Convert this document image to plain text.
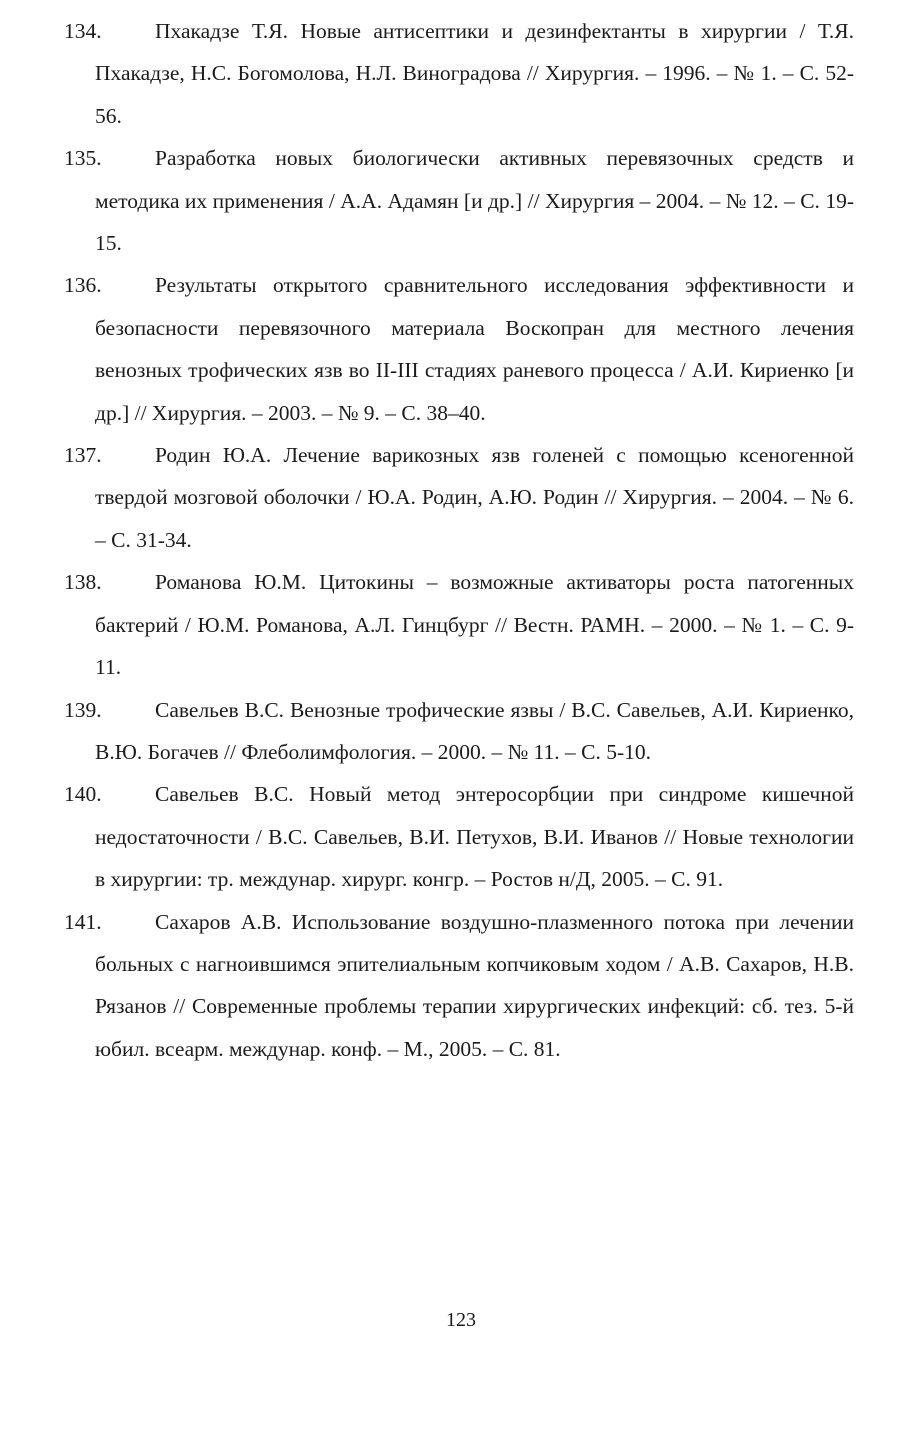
134. Пхакадзе Т.Я. Новые антисептики и дезинфектанты в хирургии / Т.Я. Пхакадзе, Н.С. Богомолова, Н.Л. Виноградова // Хирургия. – 1996. – № 1. – С. 52-56.
135. Разработка новых биологически активных перевязочных средств и методика их применения / А.А. Адамян [и др.] // Хирургия – 2004. – № 12. – С. 19-15.
136. Результаты открытого сравнительного исследования эффективности и безопасности перевязочного материала Воскопран для местного лечения венозных трофических язв во II-III стадиях раневого процесса / А.И. Кириенко [и др.] // Хирургия. – 2003. – № 9. – С. 38–40.
137. Родин Ю.А. Лечение варикозных язв голеней с помощью ксеногенной твердой мозговой оболочки / Ю.А. Родин, А.Ю. Родин // Хирургия. – 2004. – № 6. – С. 31-34.
138. Романова Ю.М. Цитокины – возможные активаторы роста патогенных бактерий / Ю.М. Романова, А.Л. Гинцбург // Вестн. РАМН. – 2000. – № 1. – С. 9-11.
139. Савельев В.С. Венозные трофические язвы / В.С. Савельев, А.И. Кириенко, В.Ю. Богачев // Флеболимфология. – 2000. – № 11. – С. 5-10.
140. Савельев В.С. Новый метод энтеросорбции при синдроме кишечной недостаточности / В.С. Савельев, В.И. Петухов, В.И. Иванов // Новые технологии в хирургии: тр. междунар. хирург. конгр. – Ростов н/Д, 2005. – С. 91.
141. Сахаров А.В. Использование воздушно-плазменного потока при лечении больных с нагноившимся эпителиальным копчиковым ходом / А.В. Сахаров, Н.В. Рязанов // Современные проблемы терапии хирургических инфекций: сб. тез. 5-й юбил. всеарм. междунар. конф. – М., 2005. – С. 81.
123
